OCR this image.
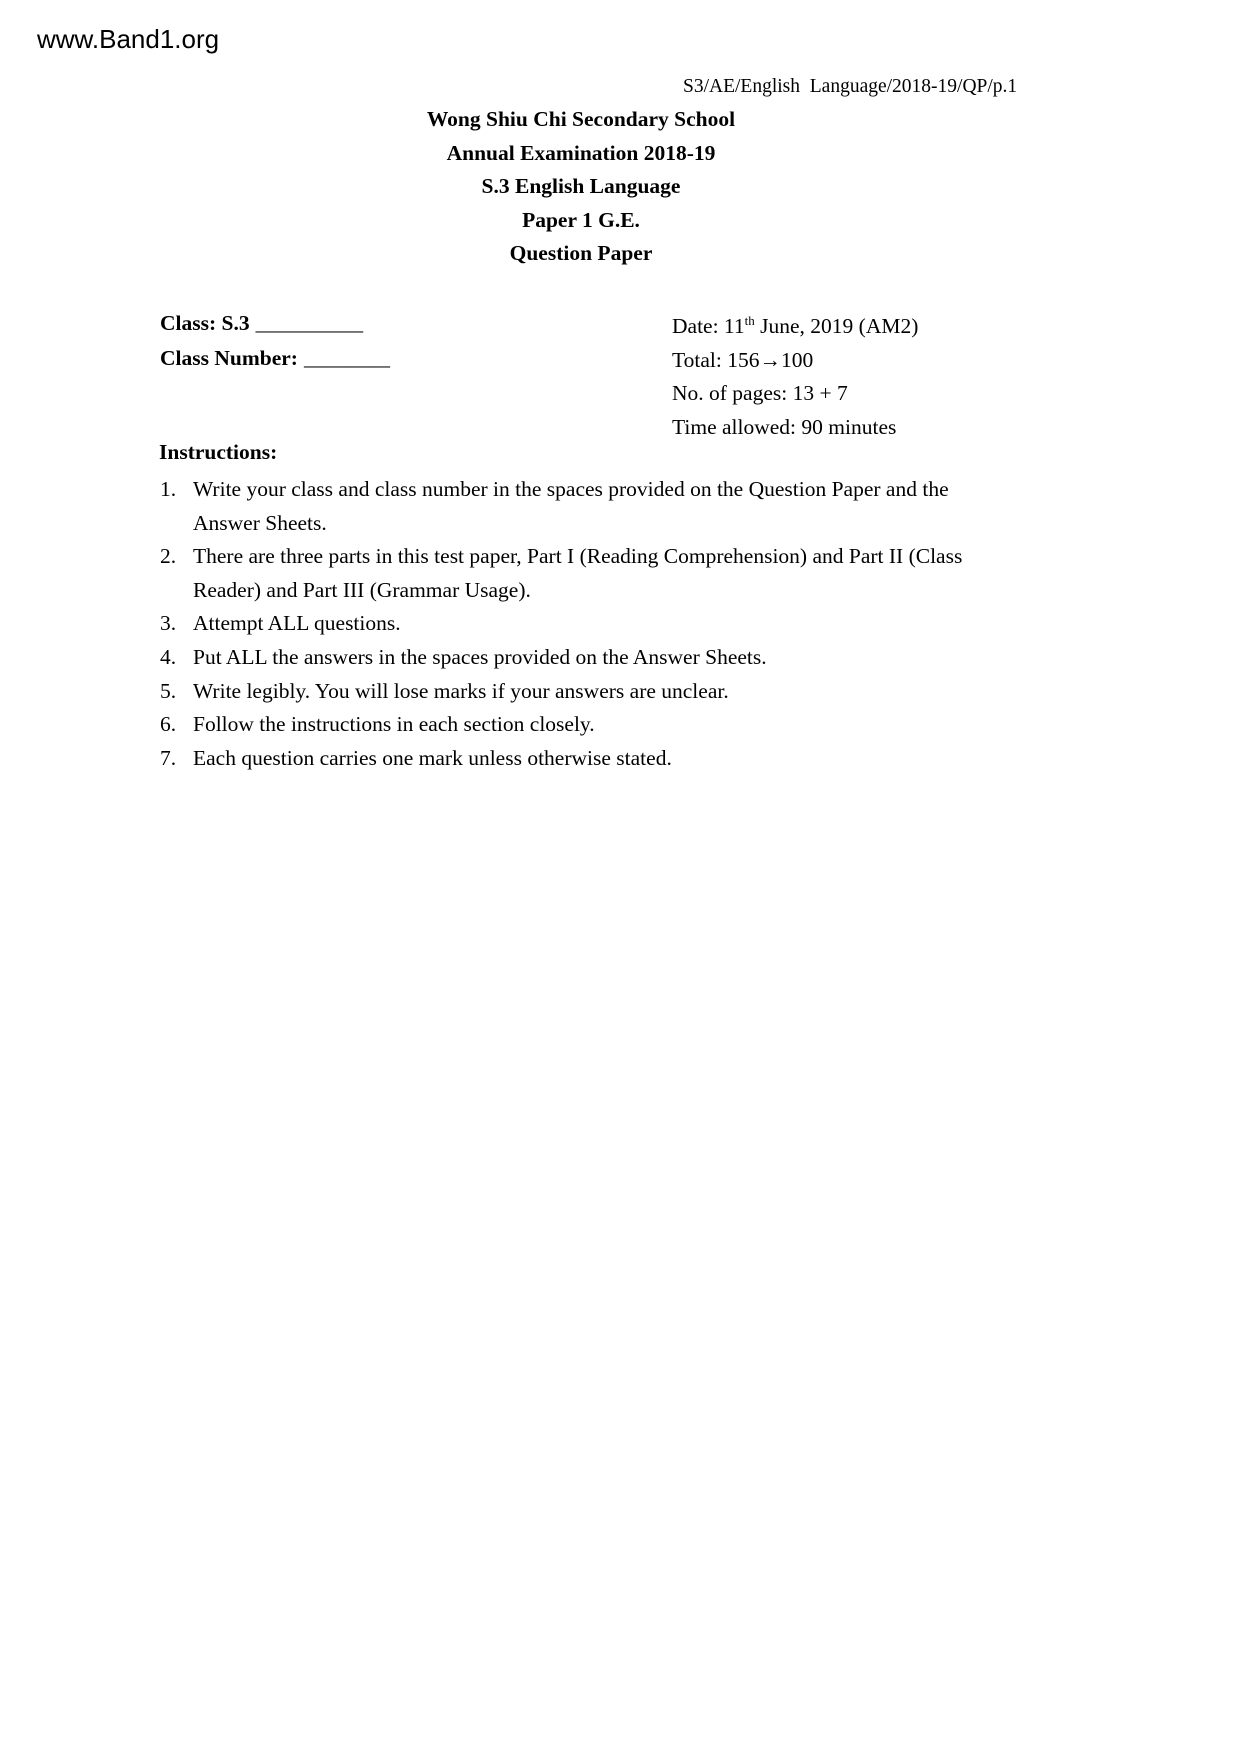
www.Band1.org
S3/AE/English  Language/2018-19/QP/p.1
Wong Shiu Chi Secondary School
Annual Examination 2018-19
S.3 English Language
Paper 1 G.E.
Question Paper
Class: S.3 __________
Class Number: ________
Date: 11th June, 2019 (AM2)
Total: 156→100
No. of pages: 13 + 7
Time allowed: 90 minutes
Instructions:
1. Write your class and class number in the spaces provided on the Question Paper and the Answer Sheets.
2. There are three parts in this test paper, Part I (Reading Comprehension) and Part II (Class Reader) and Part III (Grammar Usage).
3. Attempt ALL questions.
4. Put ALL the answers in the spaces provided on the Answer Sheets.
5. Write legibly. You will lose marks if your answers are unclear.
6. Follow the instructions in each section closely.
7. Each question carries one mark unless otherwise stated.
